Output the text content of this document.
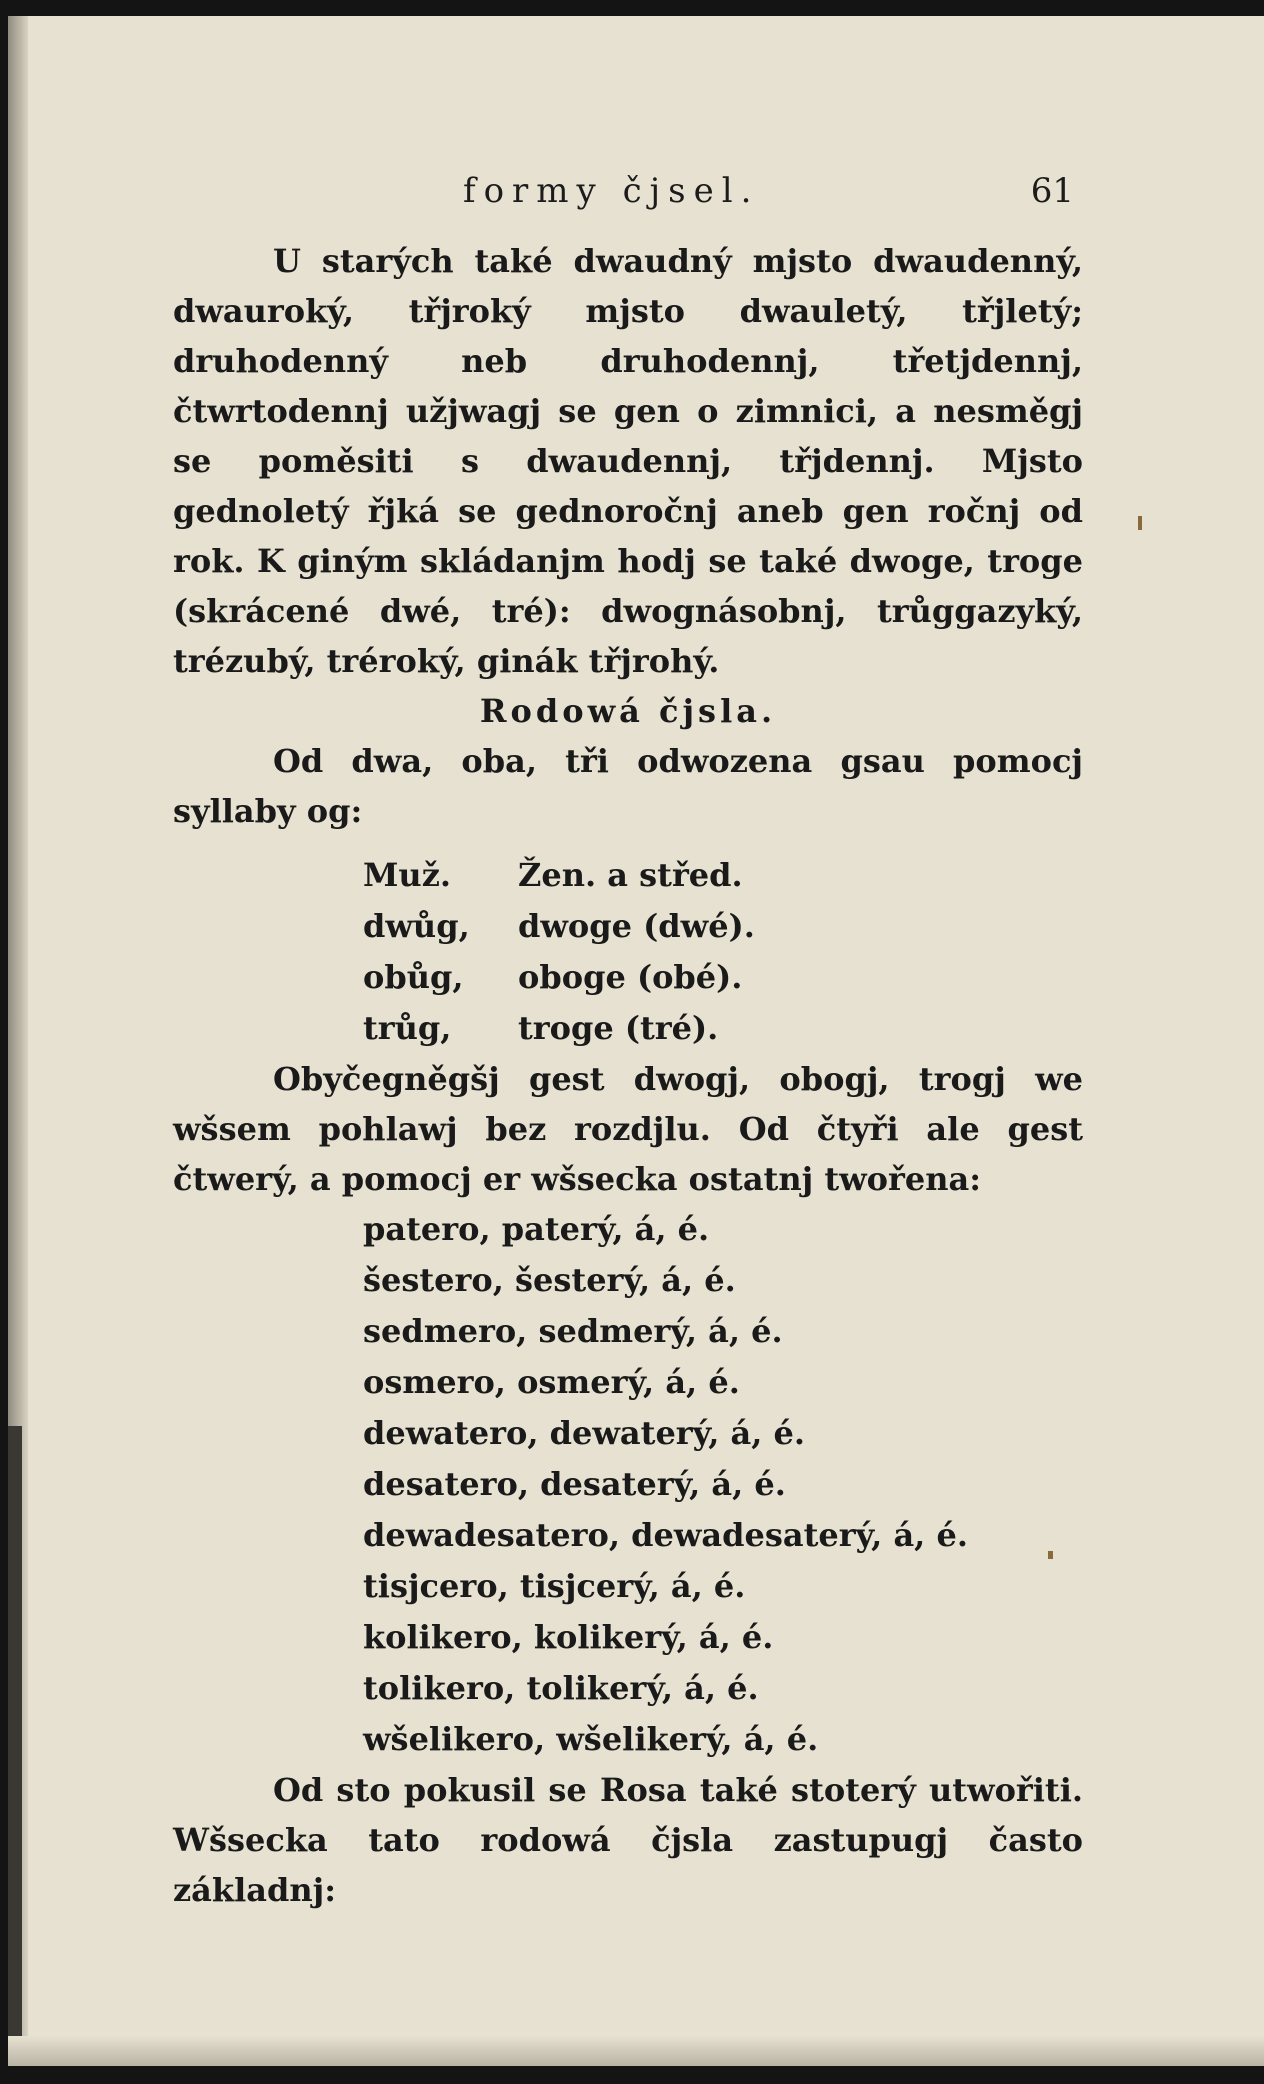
formy čjsel.	61

U starých také dwaudný mjsto dwaudenný, dwauroký, třjroký mjsto dwauletý, třjletý; druhodenný neb druhodennj, třetjdennj, čtwrtodennj užjwagj se gen o zimnici, a nesměgj se poměsiti s dwaudennj, třjdennj. Mjsto gednoletý řjká se gednoročnj aneb gen ročnj od rok. K giným skládanjm hodj se také dwoge, troge (skrácené dwé, tré): dwognásobnj, trůggazyký, trézubý, tréroký, ginák třjrohý.

Rodowá čjsla.

Od dwa, oba, tři odwozena gsau pomocj syllaby og:

Muž.	Žen. a střed.
dwůg,	dwoge (dwé).
obůg,	oboge (obé).
trůg,	troge (tré).

Obyčegněgšj gest dwogj, obogj, trogj we wšsem pohlawj bez rozdjlu. Od čtyři ale gest čtwerý, a pomocj er wšsecka ostatnj twořena:

patero, paterý, á, é.
šestero, šesterý, á, é.
sedmero, sedmerý, á, é.
osmero, osmerý, á, é.
dewatero, dewaterý, á, é.
desatero, desaterý, á, é.
dewadesatero, dewadesaterý, á, é.
tisjcero, tisjcerý, á, é.
kolikero, kolikerý, á, é.
tolikero, tolikerý, á, é.
wšelikero, wšelikerý, á, é.

Od sto pokusil se Rosa také stoterý utwořiti. Wšsecka tato rodowá čjsla zastupugj často základnj:
